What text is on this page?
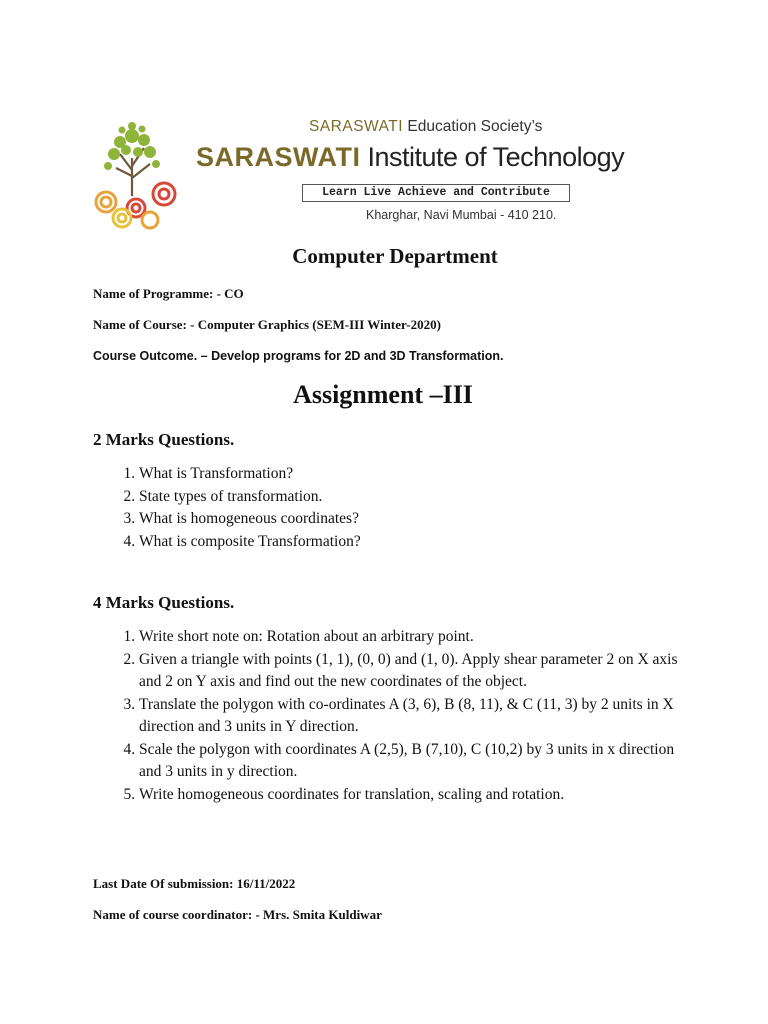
SARASWATI Education Society’s
SARASWATI Institute of Technology
Learn Live Achieve and Contribute
Kharghar, Navi Mumbai - 410 210.
Computer Department
Name of Programme: - CO
Name of Course: - Computer Graphics (SEM-III Winter-2020)
Course Outcome. – Develop programs for 2D and 3D Transformation.
Assignment –III
2 Marks Questions.
1. What is Transformation?
2. State types of transformation.
3. What is homogeneous coordinates?
4. What is composite Transformation?
4 Marks Questions.
1. Write short note on: Rotation about an arbitrary point.
2. Given a triangle with points (1, 1), (0, 0) and (1, 0). Apply shear parameter 2 on X axis and 2 on Y axis and find out the new coordinates of the object.
3. Translate the polygon with co-ordinates A (3, 6), B (8, 11), & C (11, 3) by 2 units in X direction and 3 units in Y direction.
4. Scale the polygon with coordinates A (2,5), B (7,10), C (10,2) by 3 units in x direction and 3 units in y direction.
5. Write homogeneous coordinates for translation, scaling and rotation.
Last Date Of submission: 16/11/2022
Name of course coordinator: - Mrs. Smita Kuldiwar
